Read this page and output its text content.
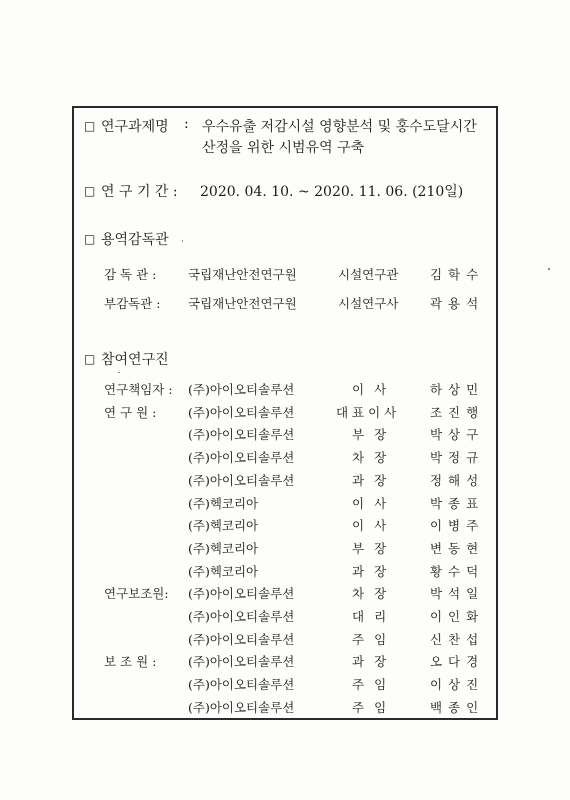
□ 연구과제명 : 우수유출 저감시설 영향분석 및 홍수도달시간
산정을 위한 시범유역 구축
□ 연 구 기 간 : 2020. 04. 10. ~ 2020. 11. 06. (210일)
□ 용역감독관
감 독 관 :	국립재난안전연구원	시설연구관	김 학 수
부감독관 : 국립재난안전연구원	시설연구사	곽 용 석
□ 참여연구진
연구책임자 : (주)아이오티솔루션	이사	하 상 민
연 구 원 :	(주)아이오티솔루션	대 표 이 사	조 진 행
(주)아이오티솔루션	부장	박 상 구
(주)아이오티솔루션	차장	박 정 규
(주)아이오티솔루션	과장	정 해 성
(주)헥코리아	이사	박 종 표
(주)헥코리아	이사	이 병 주
(주)헥코리아	부장	변 동 현
(주)헥코리아	과장	황 수 덕
연구보조원: (주)아이오티솔루션	차장	박 석 일
(주)아이오티솔루션	대리	이 인 화
(주)아이오티솔루션	주임	신 찬 섭
보 조 원 :	(주)아이오티솔루션	과장	오 다 경
(주)아이오티솔루션	주임	이 상 진
(주)아이오티솔루션	주임	백 종 인
